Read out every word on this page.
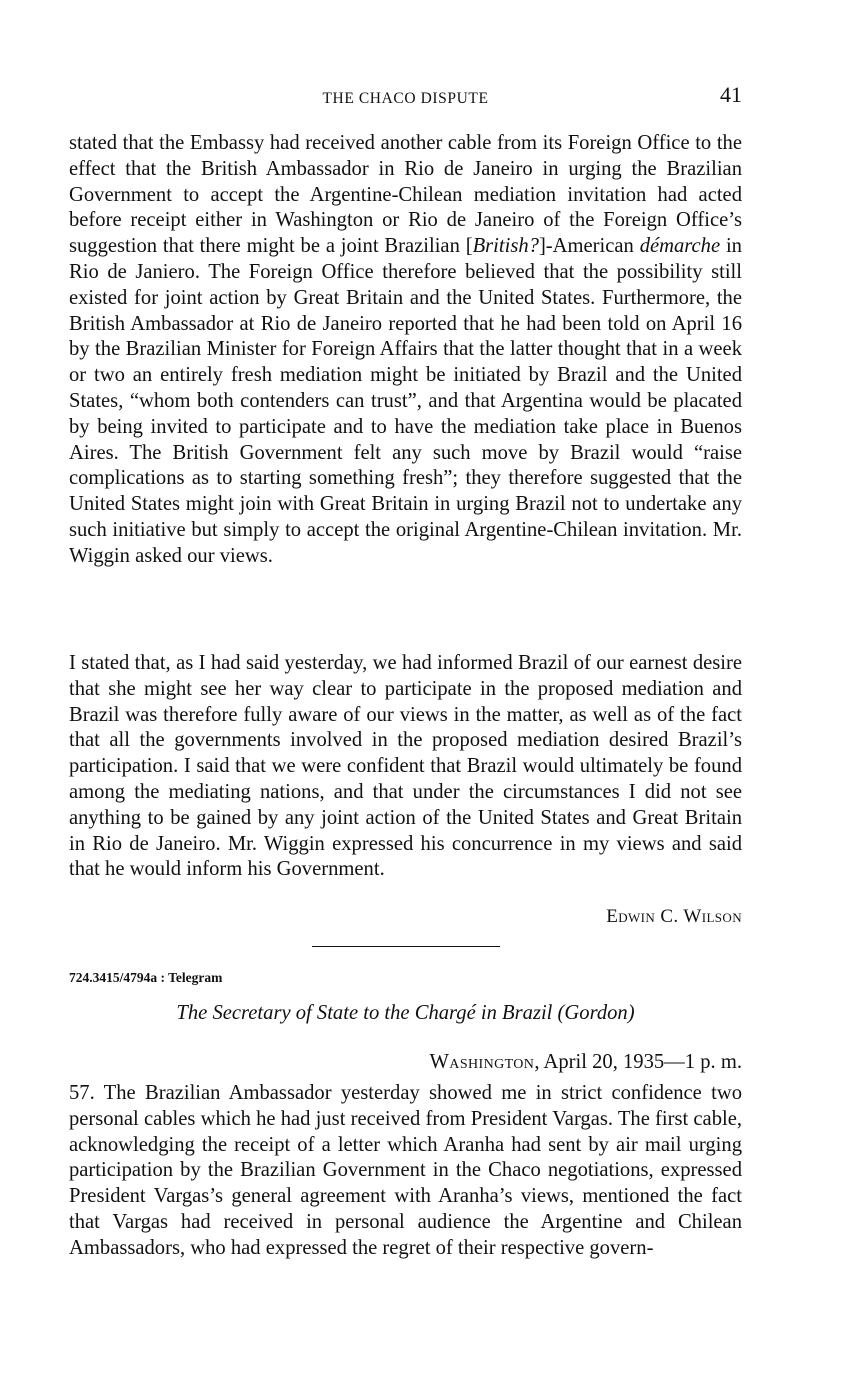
THE CHACO DISPUTE	41

stated that the Embassy had received another cable from its Foreign Office to the effect that the British Ambassador in Rio de Janeiro in urging the Brazilian Government to accept the Argentine-Chilean mediation invitation had acted before receipt either in Washington or Rio de Janeiro of the Foreign Office’s suggestion that there might be a joint Brazilian [British?]-American démarche in Rio de Janiero. The Foreign Office therefore believed that the possibility still existed for joint action by Great Britain and the United States. Furthermore, the British Ambassador at Rio de Janeiro reported that he had been told on April 16 by the Brazilian Minister for Foreign Affairs that the latter thought that in a week or two an entirely fresh mediation might be initiated by Brazil and the United States, “whom both contenders can trust”, and that Argentina would be placated by being invited to participate and to have the mediation take place in Buenos Aires. The British Government felt any such move by Brazil would “raise complications as to starting something fresh”; they therefore suggested that the United States might join with Great Britain in urging Brazil not to undertake any such initiative but simply to accept the original Argentine-Chilean invitation. Mr. Wiggin asked our views.

I stated that, as I had said yesterday, we had informed Brazil of our earnest desire that she might see her way clear to participate in the proposed mediation and Brazil was therefore fully aware of our views in the matter, as well as of the fact that all the governments involved in the proposed mediation desired Brazil’s participation. I said that we were confident that Brazil would ultimately be found among the mediating nations, and that under the circumstances I did not see anything to be gained by any joint action of the United States and Great Britain in Rio de Janeiro. Mr. Wiggin expressed his concurrence in my views and said that he would inform his Government.

Edwin C. Wilson
724.3415/4794a : Telegram
The Secretary of State to the Chargé in Brazil (Gordon)
Washington, April 20, 1935—1 p. m.

57. The Brazilian Ambassador yesterday showed me in strict confidence two personal cables which he had just received from President Vargas. The first cable, acknowledging the receipt of a letter which Aranha had sent by air mail urging participation by the Brazilian Government in the Chaco negotiations, expressed President Vargas’s general agreement with Aranha’s views, mentioned the fact that Vargas had received in personal audience the Argentine and Chilean Ambassadors, who had expressed the regret of their respective govern-
